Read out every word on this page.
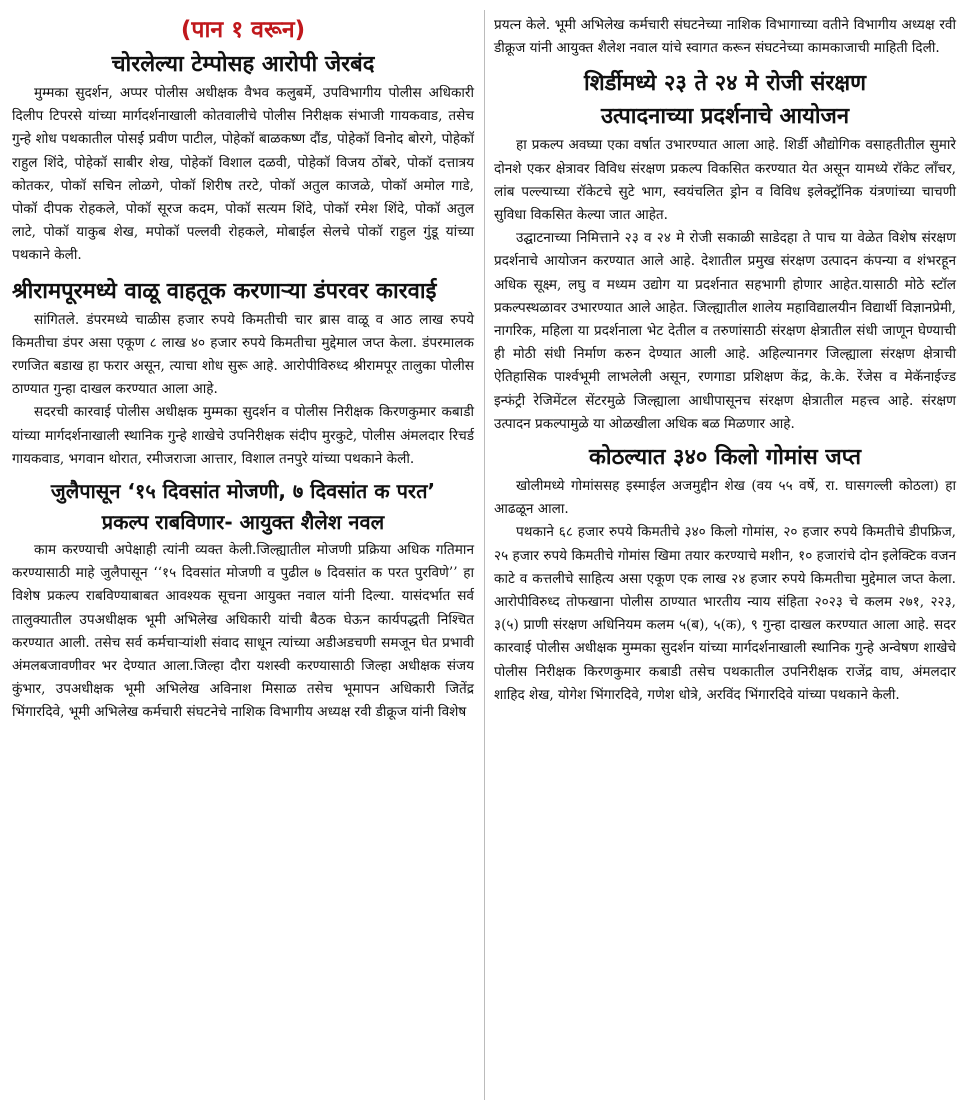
(पान १ वरून)
चोरलेल्या टेम्पोसह आरोपी जेरबंद

मुम्मका सुदर्शन, अप्पर पोलीस अधीक्षक वैभव कलुबर्मे, उपविभागीय पोलीस अधिकारी दिलीप टिपरसे यांच्या मार्गदर्शनाखाली कोतवालीचे पोलीस निरीक्षक संभाजी गायकवाड, तसेच गुन्हे शोध पथकातील पोसई प्रवीण पाटील, पोहेकॉ बाळकष्ण दौंड, पोहेकॉ विनोद बोरगे, पोहेकॉ राहुल शिंदे, पोहेकॉ साबीर शेख, पोहेकॉ विशाल दळवी, पोहेकॉ विजय ठोंबरे, पोकॉ दत्तात्रय कोतकर, पोकॉ सचिन लोळगे, पोकॉ शिरीष तरटे, पोकॉ अतुल काजळे, पोकॉ अमोल गाडे, पोकॉ दीपक रोहकले, पोकॉ सूरज कदम, पोकॉ सत्यम शिंदे, पोकॉ रमेश शिंदे, पोकॉ अतुल लाटे, पोकॉ याकुब शेख, मपोकॉ पल्लवी रोहकले, मोबाईल सेलचे पोकॉ राहुल गुंडू यांच्या पथकाने केली.

श्रीरामपूरमध्ये वाळू वाहतूक करणाऱ्या डंपरवर कारवाई

सांगितले. डंपरमध्ये चाळीस हजार रुपये किमतीची चार ब्रास वाळू व आठ लाख रुपये किमतीचा डंपर असा एकूण ८ लाख ४० हजार रुपये किमतीचा मुद्देमाल जप्त केला. डंपरमालक रणजित बडाख हा फरार असून, त्याचा शोध सुरू आहे. आरोपीविरुध्द श्रीरामपूर तालुका पोलीस ठाण्यात गुन्हा दाखल करण्यात आला आहे.

सदरची कारवाई पोलीस अधीक्षक मुम्मका सुदर्शन व पोलीस निरीक्षक किरणकुमार कबाडी यांच्या मार्गदर्शनाखाली स्थानिक गुन्हे शाखेचे उपनिरीक्षक संदीप मुरकुटे, पोलीस अंमलदार रिचर्ड गायकवाड, भगवान थोरात, रमीजराजा आत्तार, विशाल तनपुरे यांच्या पथकाने केली.

जुलैपासून ‘१५ दिवसांत मोजणी, ७ दिवसांत क परत’
प्रकल्प राबविणार- आयुक्त शैलेश नवल

काम करण्याची अपेक्षाही त्यांनी व्यक्त केली.जिल्ह्यातील मोजणी प्रक्रिया अधिक गतिमान करण्यासाठी माहे जुलैपासून ‘‘१५ दिवसांत मोजणी व पुढील ७ दिवसांत क परत पुरविणे’’ हा विशेष प्रकल्प राबविण्याबाबत आवश्यक सूचना आयुक्त नवाल यांनी दिल्या. यासंदर्भात सर्व तालुक्यातील उपअधीक्षक भूमी अभिलेख अधिकारी यांची बैठक घेऊन कार्यपद्धती निश्चित करण्यात आली. तसेच सर्व कर्मचाऱ्यांशी संवाद साधून त्यांच्या अडीअडचणी समजून घेत प्रभावी अंमलबजावणीवर भर देण्यात आला.जिल्हा दौरा यशस्वी करण्यासाठी जिल्हा अधीक्षक संजय कुंभार, उपअधीक्षक भूमी अभिलेख अविनाश मिसाळ तसेच भूमापन अधिकारी जितेंद्र भिंगारदिवे, भूमी अभिलेख कर्मचारी संघटनेचे नाशिक विभागीय अध्यक्ष रवी डीक्रूज यांनी विशेष

प्रयत्न केले. भूमी अभिलेख कर्मचारी संघटनेच्या नाशिक विभागाच्या वतीने विभागीय अध्यक्ष रवी डीक्रूज यांनी आयुक्त शैलेश नवाल यांचे स्वागत करून संघटनेच्या कामकाजाची माहिती दिली.

शिर्डीमध्ये २३ ते २४ मे रोजी संरक्षण
उत्पादनाच्या प्रदर्शनाचे आयोजन

हा प्रकल्प अवघ्या एका वर्षात उभारण्यात आला आहे. शिर्डी औद्योगिक वसाहतीतील सुमारे दोनशे एकर क्षेत्रावर विविध संरक्षण प्रकल्प विकसित करण्यात येत असून यामध्ये रॉकेट लाँचर, लांब पल्ल्याच्या रॉकेटचे सुटे भाग, स्वयंचलित ड्रोन व विविध इलेक्ट्रॉनिक यंत्रणांच्या चाचणी सुविधा विकसित केल्या जात आहेत.

उद्घाटनाच्या निमित्ताने २३ व २४ मे रोजी सकाळी साडेदहा ते पाच या वेळेत विशेष संरक्षण प्रदर्शनाचे आयोजन करण्यात आले आहे. देशातील प्रमुख संरक्षण उत्पादन कंपन्या व शंभरहून अधिक सूक्ष्म, लघु व मध्यम उद्योग या प्रदर्शनात सहभागी होणार आहेत.यासाठी मोठे स्टॉल प्रकल्पस्थळावर उभारण्यात आले आहेत. जिल्ह्यातील शालेय महाविद्यालयीन विद्यार्थी विज्ञानप्रेमी, नागरिक, महिला या प्रदर्शनाला भेट देतील व तरुणांसाठी संरक्षण क्षेत्रातील संधी जाणून घेण्याची ही मोठी संधी निर्माण करुन देण्यात आली आहे. अहिल्यानगर जिल्ह्याला संरक्षण क्षेत्राची ऐतिहासिक पार्श्वभूमी लाभलेली असून, रणगाडा प्रशिक्षण केंद्र, के.के. रेंजेस व मेकॅनाईज्ड इन्फंट्री रेजिमेंटल सेंटरमुळे जिल्ह्याला आधीपासूनच संरक्षण क्षेत्रातील महत्त्व आहे. संरक्षण उत्पादन प्रकल्पामुळे या ओळखीला अधिक बळ मिळणार आहे.

कोठल्यात ३४० किलो गोमांस जप्त

खोलीमध्ये गोमांससह इस्माईल अजमुद्दीन शेख (वय ५५ वर्षे, रा. घासगल्ली कोठला) हा आढळून आला.

पथकाने ६८ हजार रुपये किमतीचे ३४० किलो गोमांस, २० हजार रुपये किमतीचे डीपफ्रिज, २५ हजार रुपये किमतीचे गोमांस खिमा तयार करण्याचे मशीन, १० हजारांचे दोन इलेक्टिक वजन काटे व कत्तलीचे साहित्य असा एकूण एक लाख २४ हजार रुपये किमतीचा मुद्देमाल जप्त केला. आरोपीविरुध्द तोफखाना पोलीस ठाण्यात भारतीय न्याय संहिता २०२३ चे कलम २७१, २२३, ३(५) प्राणी संरक्षण अधिनियम कलम ५(ब), ५(क), ९ गुन्हा दाखल करण्यात आला आहे. सदर कारवाई पोलीस अधीक्षक मुम्मका सुदर्शन यांच्या मार्गदर्शनाखाली स्थानिक गुन्हे अन्वेषण शाखेचे पोलीस निरीक्षक किरणकुमार कबाडी तसेच पथकातील उपनिरीक्षक राजेंद्र वाघ, अंमलदार शाहिद शेख, योगेश भिंगारदिवे, गणेश धोत्रे, अरविंद भिंगारदिवे यांच्या पथकाने केली.
